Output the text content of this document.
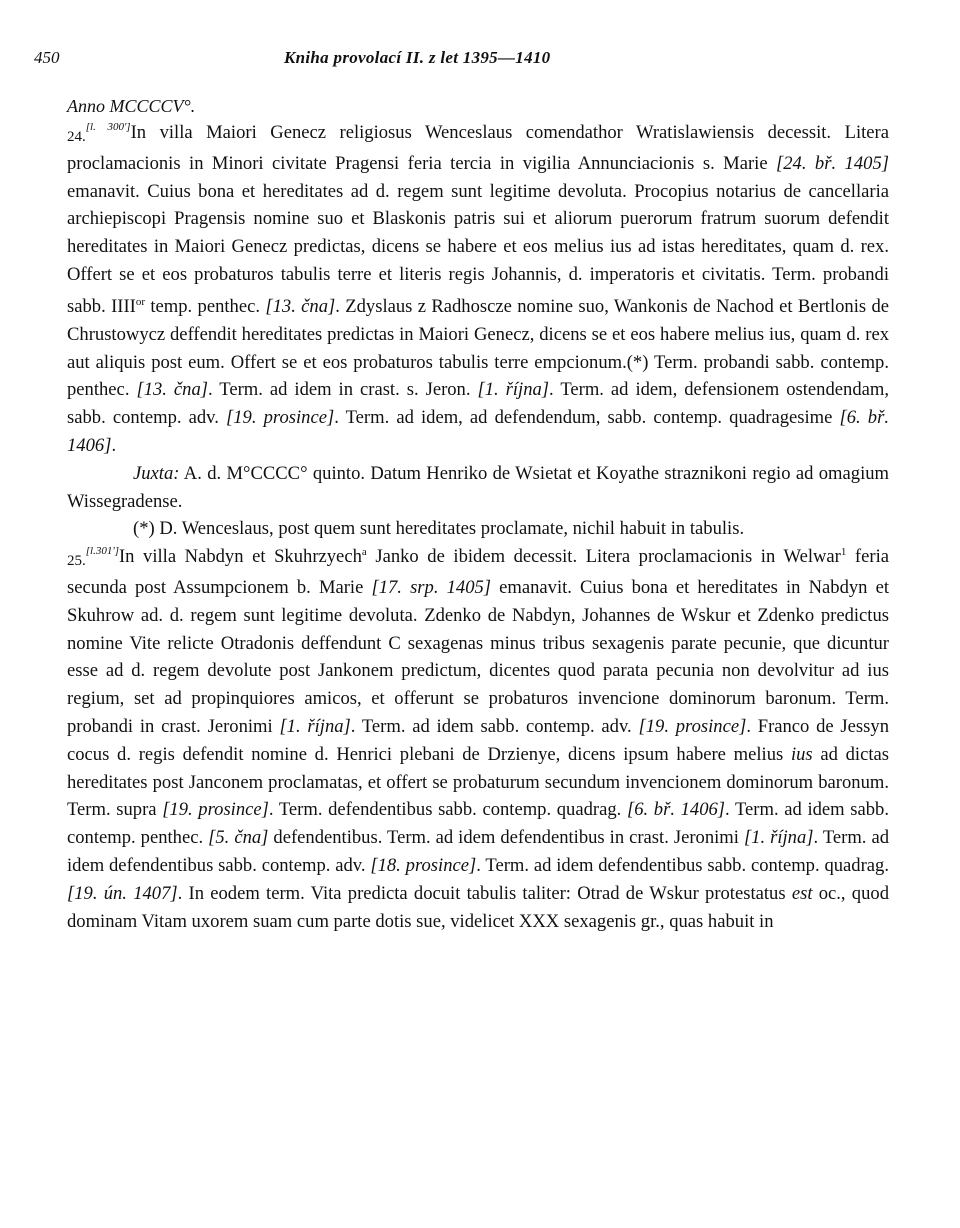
450	Kniha provolací II. z let 1395—1410
Anno MCCCCV°.

24.[l. 300']In villa Maiori Genecz religiosus Wenceslaus comendathor Wratislawiensis decessit. Litera proclamacionis in Minori civitate Pragensi feria tercia in vigilia Annunciacionis s. Marie [24. bř. 1405] emanavit. Cuius bona et hereditates ad d. regem sunt legitime devoluta. Procopius notarius de cancellaria archiepiscopi Pragensis nomine suo et Blaskonis patris sui et aliorum puerorum fratrum suorum defendit hereditates in Maiori Genecz predictas, dicens se habere et eos melius ius ad istas hereditates, quam d. rex. Offert se et eos probaturos tabulis terre et literis regis Johannis, d. imperatoris et civitatis. Term. probandi sabb. $IIII^{or}$ temp. penthec. [13. čna]. Zdyslaus z Radhoscze nomine suo, Wankonis de Nachod et Bertlonis de Chrustowycz deffendit hereditates predictas in Maiori Genecz, dicens se et eos habere melius ius, quam d. rex aut aliquis post eum. Offert se et eos probaturos tabulis terre empcionum.(*) Term. probandi sabb. contemp. penthec. [13. čna]. Term. ad idem in crast. s. Jeron. [1. října]. Term. ad idem, defensionem ostendendam, sabb. contemp. adv. [19. prosince]. Term. ad idem, ad defendendum, sabb. contemp. quadragesime [6. bř. 1406].

Juxta: A. d. M°CCCC° quinto. Datum Henriko de Wsietat et Koyathe straznikoni regio ad omagium Wissegradense.

(*) D. Wenceslaus, post quem sunt hereditates proclamate, nichil habuit in tabulis.

25.[l.301']In villa Nabdyn et Skuhrzyech$^a$ Janko de ibidem decessit. Litera proclamacionis in Welwar$^1$ feria secunda post Assumpcionem b. Marie [17. srp. 1405] emanavit. Cuius bona et hereditates in Nabdyn et Skuhrow ad. d. regem sunt legitime devoluta. Zdenko de Nabdyn, Johannes de Wskur et Zdenko predictus nomine Vite relicte Otradonis deffendunt C sexagenas minus tribus sexagenis parate pecunie, que dicuntur esse ad d. regem devolute post Jankonem predictum, dicentes quod parata pecunia non devolvitur ad ius regium, set ad propinquiores amicos, et offerunt se probaturos invencione dominorum baronum. Term. probandi in crast. Jeronimi [1. října]. Term. ad idem sabb. contemp. adv. [19. prosince]. Franco de Jessyn cocus d. regis defendit nomine d. Henrici plebani de Drzienye, dicens ipsum habere melius ius ad dictas hereditates post Janconem proclamatas, et offert se probaturum secundum invencionem dominorum baronum. Term. supra [19. prosince]. Term. defendentibus sabb. contemp. quadrag. [6. bř. 1406]. Term. ad idem sabb. contemp. penthec. [5. čna] defendentibus. Term. ad idem defendentibus in crast. Jeronimi [1. října]. Term. ad idem defendentibus sabb. contemp. adv. [18. prosince]. Term. ad idem defendentibus sabb. contemp. quadrag. [19. ún. 1407]. In eodem term. Vita predicta docuit tabulis taliter: Otrad de Wskur protestatus est oc., quod dominam Vitam uxorem suam cum parte dotis sue, videlicet XXX sexagenis gr., quas habuit in
